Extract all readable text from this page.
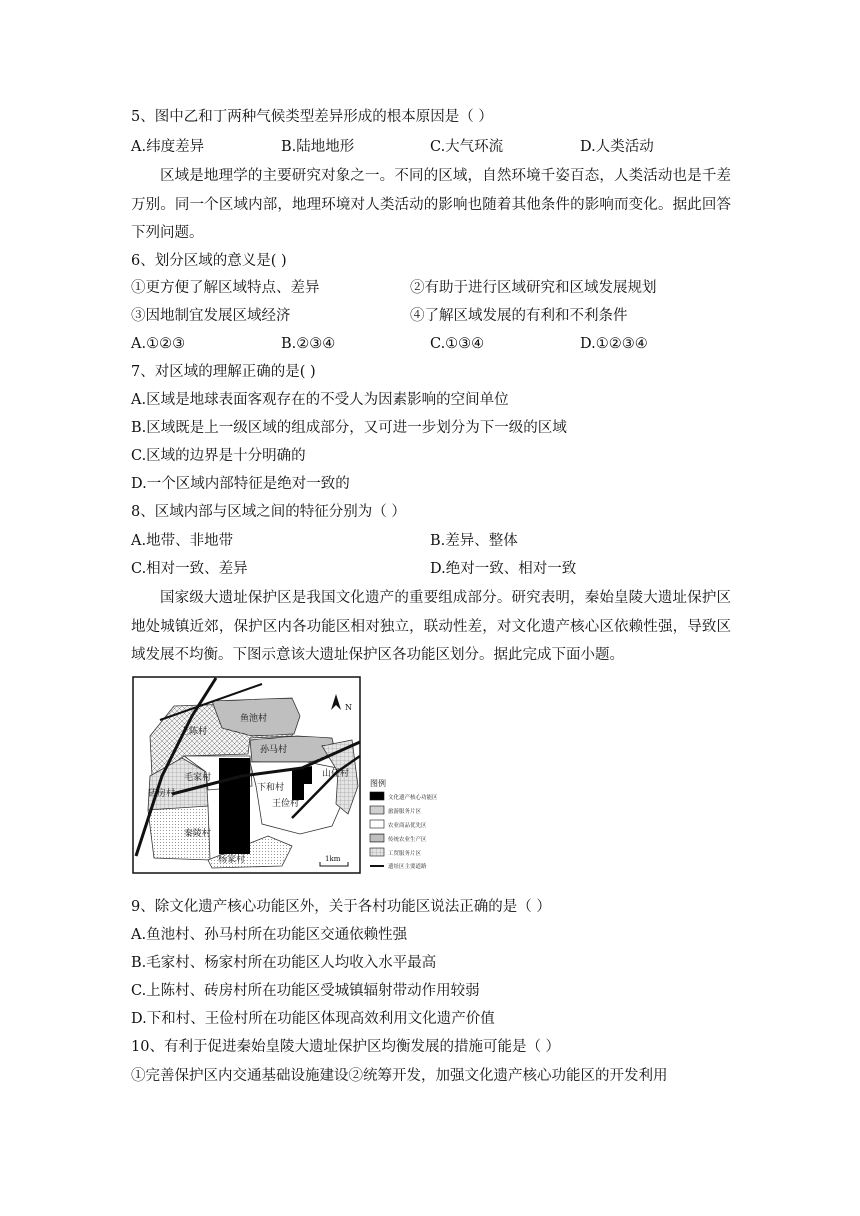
5、图中乙和丁两种气候类型差异形成的根本原因是（ ）
A.纬度差异	B.陆地地形	C.大气环流	D.人类活动
区域是地理学的主要研究对象之一。不同的区域，自然环境千姿百态，人类活动也是千差万别。同一个区域内部，地理环境对人类活动的影响也随着其他条件的影响而变化。据此回答下列问题。
6、划分区域的意义是( )
①更方便了解区域特点、差异	②有助于进行区域研究和区域发展规划
③因地制宜发展区域经济	④了解区域发展的有利和不利条件
A.①②③	B.②③④	C.①③④	D.①②③④
7、对区域的理解正确的是( )
A.区域是地球表面客观存在的不受人为因素影响的空间单位
B.区域既是上一级区域的组成部分，又可进一步划分为下一级的区域
C.区域的边界是十分明确的
D.一个区域内部特征是绝对一致的
8、区域内部与区域之间的特征分别为（ ）
A.地带、非地带	B.差异、整体
C.相对一致、差异	D.绝对一致、相对一致
国家级大遗址保护区是我国文化遗产的重要组成部分。研究表明，秦始皇陵大遗址保护区地处城镇近郊，保护区内各功能区相对独立，联动性差，对文化遗产核心区依赖性强，导致区域发展不均衡。下图示意该大遗址保护区各功能区划分。据此完成下面小题。
鱼池村
上陈村
孙马村
毛家村	山任村
砖房村
下和村
王俭村
秦陵村
杨家村
N
1km
图例
文化遗产核心功能区
旅游服务片区
农业商品优先区
传统农业生产区
工贸服务片区
遗址区主要道路
9、除文化遗产核心功能区外，关于各村功能区说法正确的是（ ）
A.鱼池村、孙马村所在功能区交通依赖性强
B.毛家村、杨家村所在功能区人均收入水平最高
C.上陈村、砖房村所在功能区受城镇辐射带动作用较弱
D.下和村、王俭村所在功能区体现高效利用文化遗产价值
10、有利于促进秦始皇陵大遗址保护区均衡发展的措施可能是（ ）
①完善保护区内交通基础设施建设②统筹开发，加强文化遗产核心功能区的开发利用
